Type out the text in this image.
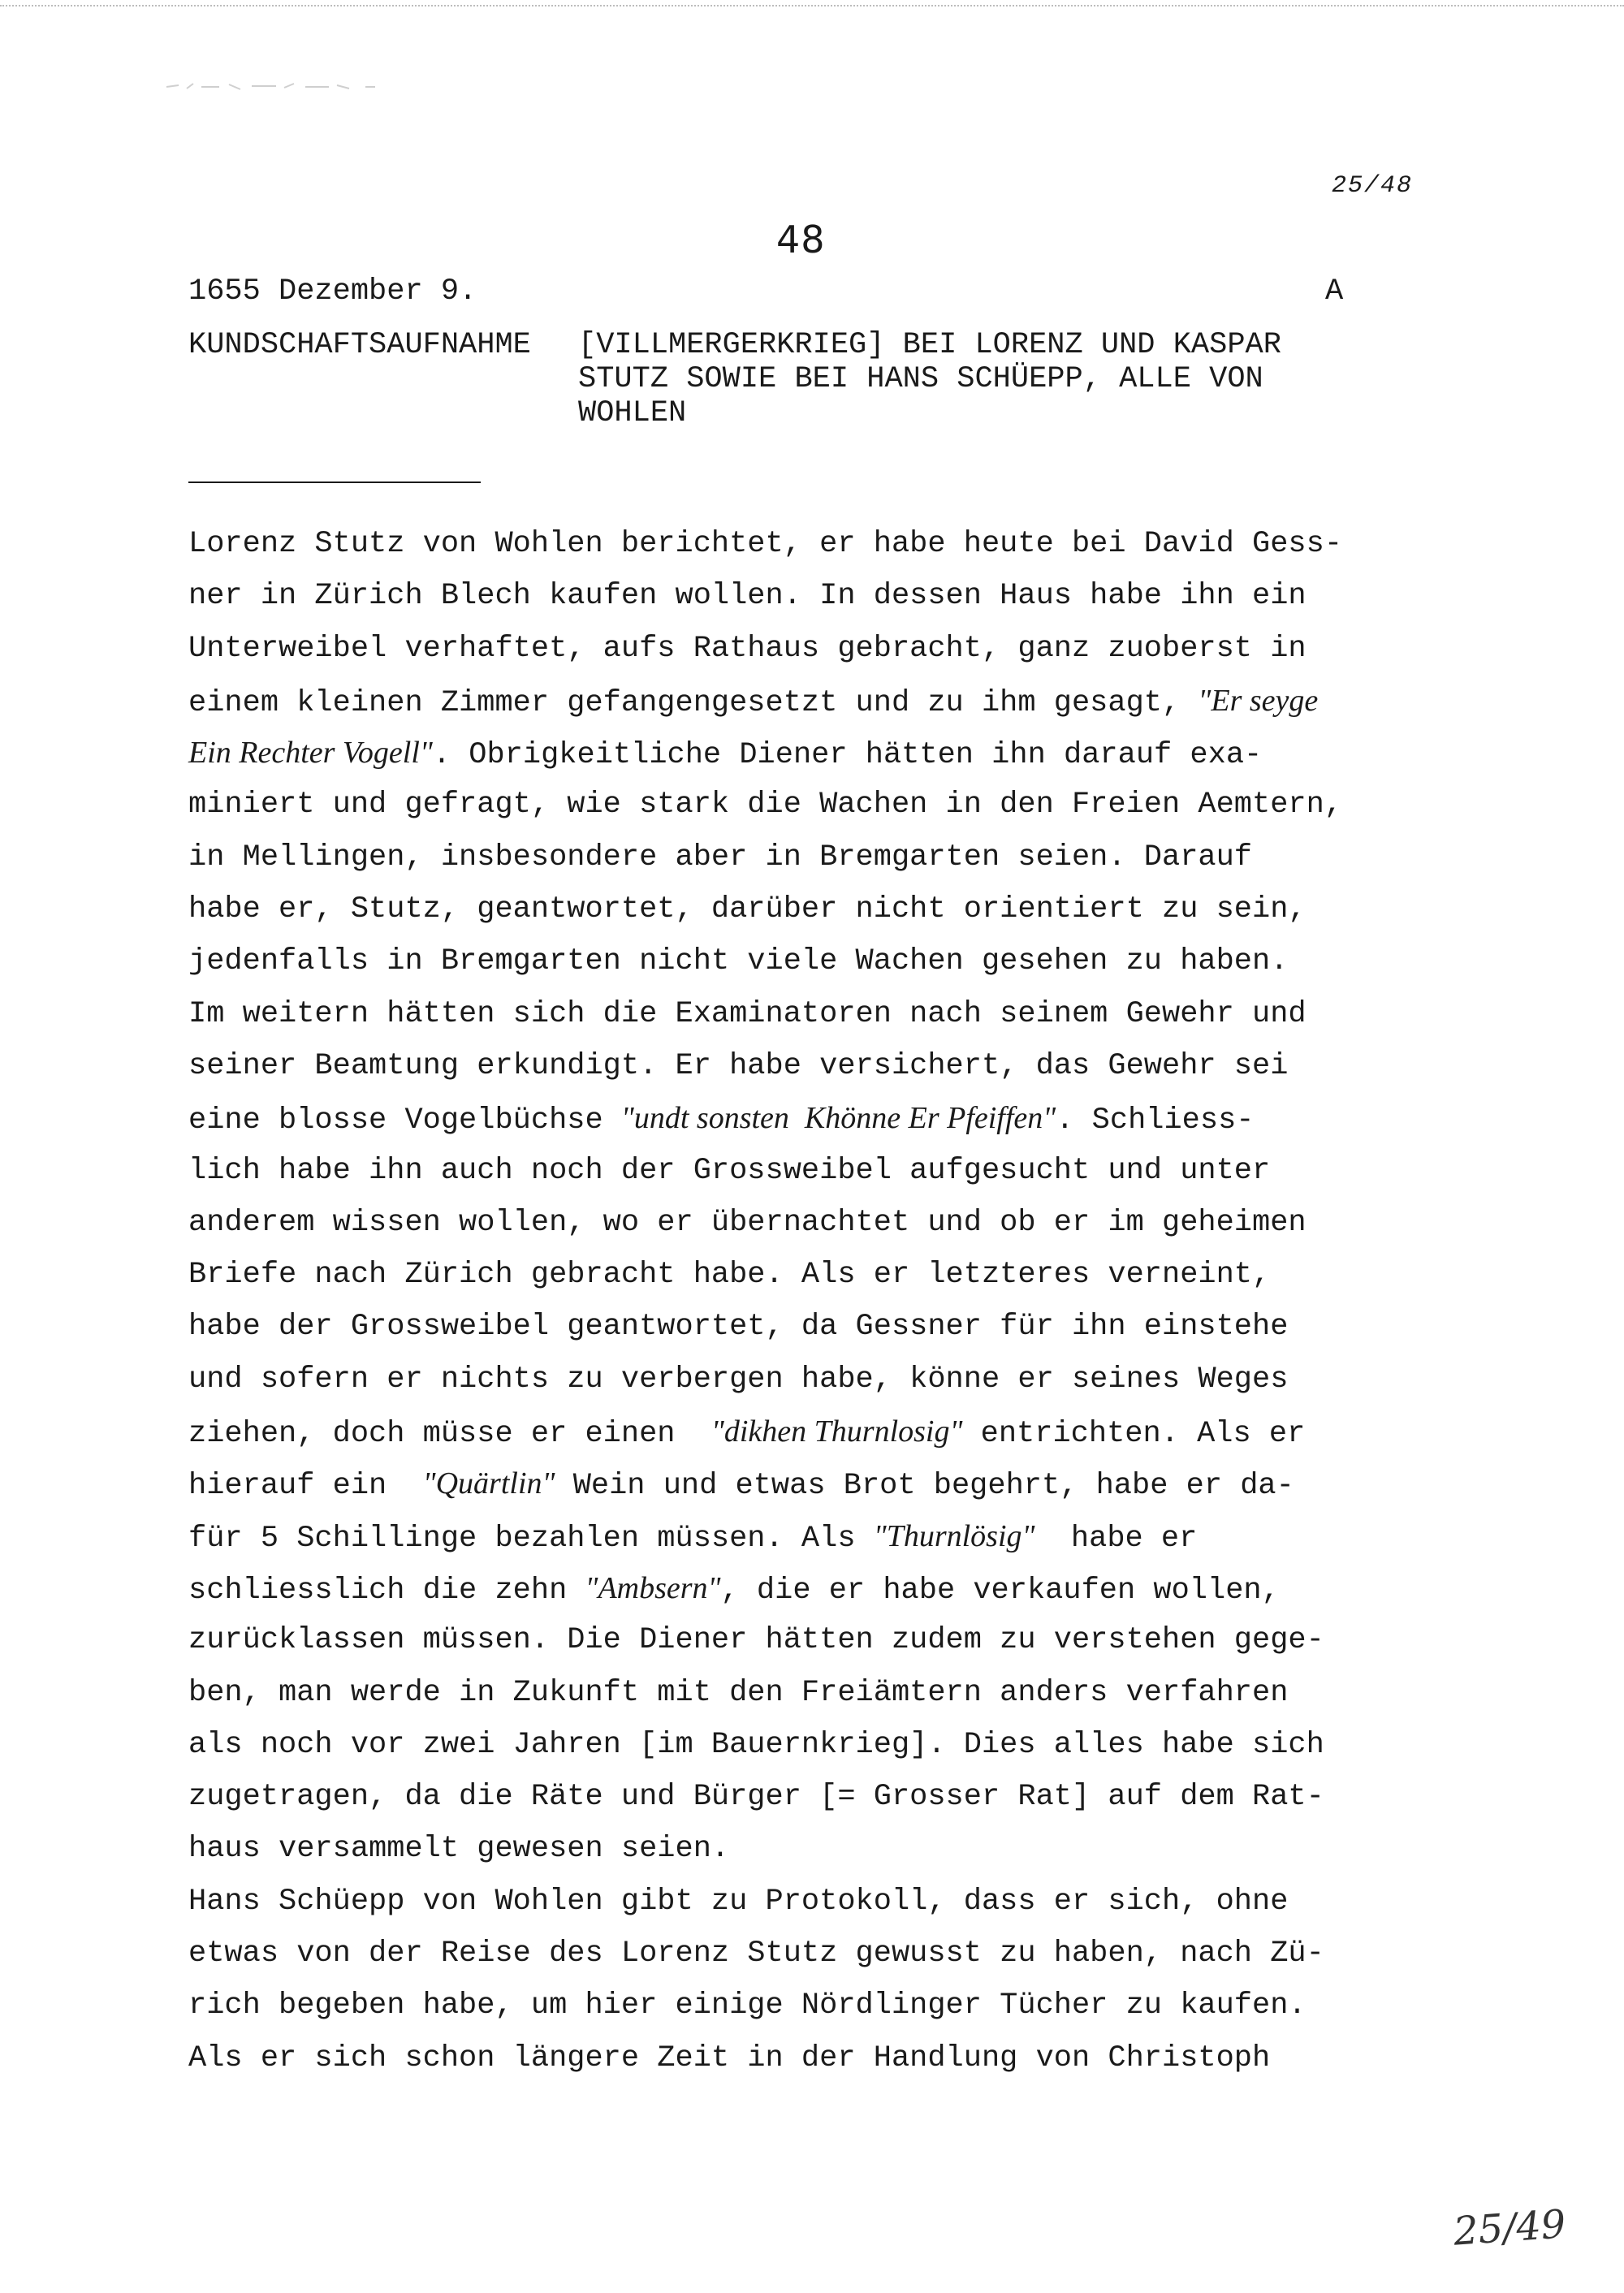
25/48
48
1655 Dezember 9.	A
KUNDSCHAFTSAUFNAHME [VILLMERGERKRIEG] BEI LORENZ UND KASPAR
STUTZ SOWIE BEI HANS SCHÜEPP, ALLE VON
WOHLEN
Lorenz Stutz von Wohlen berichtet, er habe heute bei David Gess-
ner in Zürich Blech kaufen wollen. In dessen Haus habe ihn ein
Unterweibel verhaftet, aufs Rathaus gebracht, ganz zuoberst in
einem kleinen Zimmer gefangengesetzt und zu ihm gesagt, "Er seyge
Ein Rechter Vogell". Obrigkeitliche Diener hätten ihn darauf exa-
miniert und gefragt, wie stark die Wachen in den Freien Aemtern,
in Mellingen, insbesondere aber in Bremgarten seien. Darauf
habe er, Stutz, geantwortet, darüber nicht orientiert zu sein,
jedenfalls in Bremgarten nicht viele Wachen gesehen zu haben.
Im weitern hätten sich die Examinatoren nach seinem Gewehr und
seiner Beamtung erkundigt. Er habe versichert, das Gewehr sei
eine blosse Vogelbüchse "undt sonsten  Khönne Er Pfeiffen". Schliess-
lich habe ihn auch noch der Grossweibel aufgesucht und unter
anderem wissen wollen, wo er übernachtet und ob er im geheimen
Briefe nach Zürich gebracht habe. Als er letzteres verneint,
habe der Grossweibel geantwortet, da Gessner für ihn einstehe
und sofern er nichts zu verbergen habe, könne er seines Weges
ziehen, doch müsse er einen  "dikhen Thurnlosig" entrichten. Als er
hierauf ein  "Quärtlin" Wein und etwas Brot begehrt, habe er da-
für 5 Schillinge bezahlen müssen. Als "Thurnlösig"  habe er
schliesslich die zehn "Ambsern", die er habe verkaufen wollen,
zurücklassen müssen. Die Diener hätten zudem zu verstehen gege-
ben, man werde in Zukunft mit den Freiämtern anders verfahren
als noch vor zwei Jahren [im Bauernkrieg]. Dies alles habe sich
zugetragen, da die Räte und Bürger [= Grosser Rat] auf dem Rat-
haus versammelt gewesen seien.
Hans Schüepp von Wohlen gibt zu Protokoll, dass er sich, ohne
etwas von der Reise des Lorenz Stutz gewusst zu haben, nach Zü-
rich begeben habe, um hier einige Nördlinger Tücher zu kaufen.
Als er sich schon längere Zeit in der Handlung von Christoph
25/49
